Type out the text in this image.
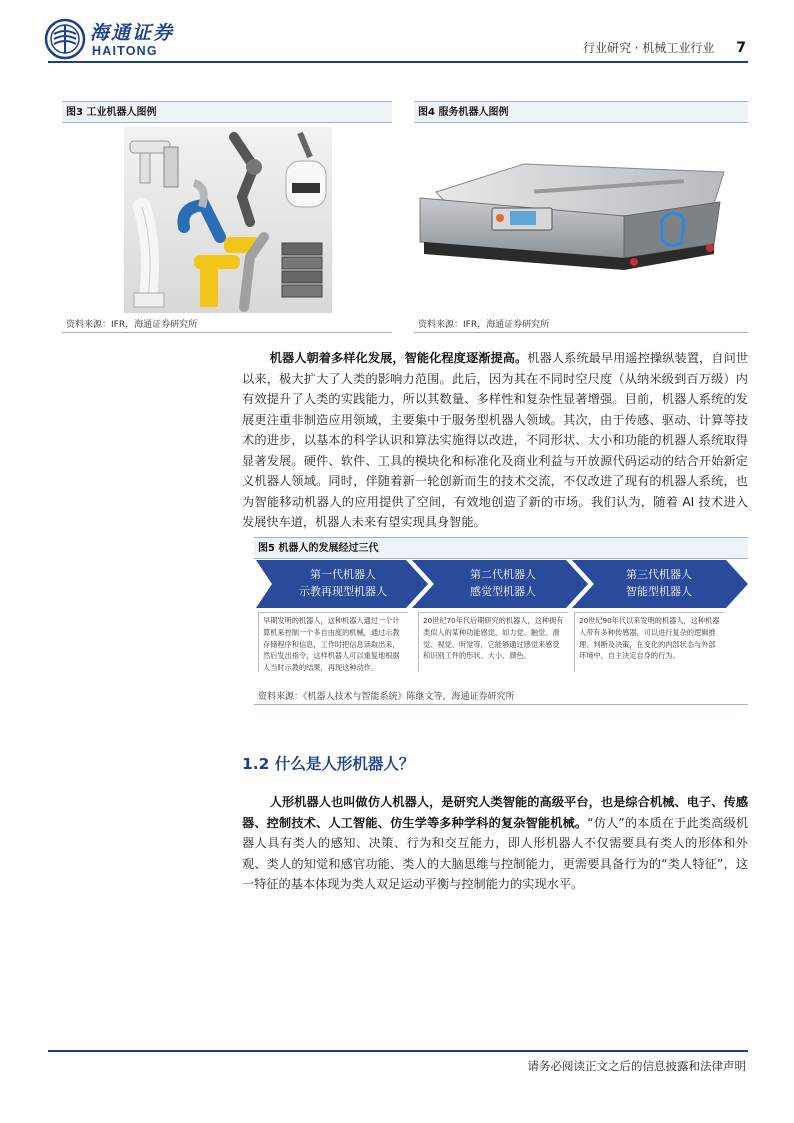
海通证券
HAITONG	行业研究 · 机械工业行业 7
图3 工业机器人图例
资料来源：IFR，海通证券研究所
图4 服务机器人图例
资料来源：IFR，海通证券研究所
机器人朝着多样化发展，智能化程度逐渐提高。机器人系统最早用遥控操纵装置，自问世以来，极大扩大了人类的影响力范围。此后，因为其在不同时空尺度（从纳米级到百万级）内有效提升了人类的实践能力，所以其数量、多样性和复杂性显著增强。目前，机器人系统的发展更注重非制造应用领域，主要集中于服务型机器人领域。其次，由于传感、驱动、计算等技术的进步，以基本的科学认识和算法实施得以改进，不同形状、大小和功能的机器人系统取得显著发展。硬件、软件、工具的模块化和标准化及商业利益与开放源代码运动的结合开始新定义机器人领域。同时，伴随着新一轮创新而生的技术交流，不仅改进了现有的机器人系统，也为智能移动机器人的应用提供了空间，有效地创造了新的市场。我们认为，随着 AI 技术进入发展快车道，机器人未来有望实现具身智能。
图5 机器人的发展经过三代
第一代机器人
示教再现型机器人
第二代机器人
感觉型机器人
第三代机器人
智能型机器人
早期发明的机器人，这种机器人通过一个计算机来控制一个多自由度的机械，通过示教存储程序和信息，工作时把信息读取出来，然后发出指令，这样机器人可以重复地根据人当时示教的结果，再现这种动作。
20世纪70年代后期研究的机器人，这种拥有类似人的某种功能感觉，如力觉、触觉、滑觉、视觉、听觉等，它能够通过感觉来感受和识别工件的形状、大小、颜色。
20世纪90年代以来发明的机器人，这种机器人带有多种传感器，可以进行复杂的逻辑推理、判断及决策，在变化的内部状态与外部环境中，自主决定自身的行为。
资料来源：《机器人技术与智能系统》陈继文等，海通证券研究所
1.2 什么是人形机器人？
人形机器人也叫做仿人机器人，是研究人类智能的高级平台，也是综合机械、电子、传感器、控制技术、人工智能、仿生学等多种学科的复杂智能机械。“仿人”的本质在于此类高级机器人具有类人的感知、决策、行为和交互能力，即人形机器人不仅需要具有类人的形体和外观、类人的知觉和感官功能、类人的大脑思维与控制能力，更需要具备行为的“类人特征”，这一特征的基本体现为类人双足运动平衡与控制能力的实现水平。
请务必阅读正文之后的信息披露和法律声明
